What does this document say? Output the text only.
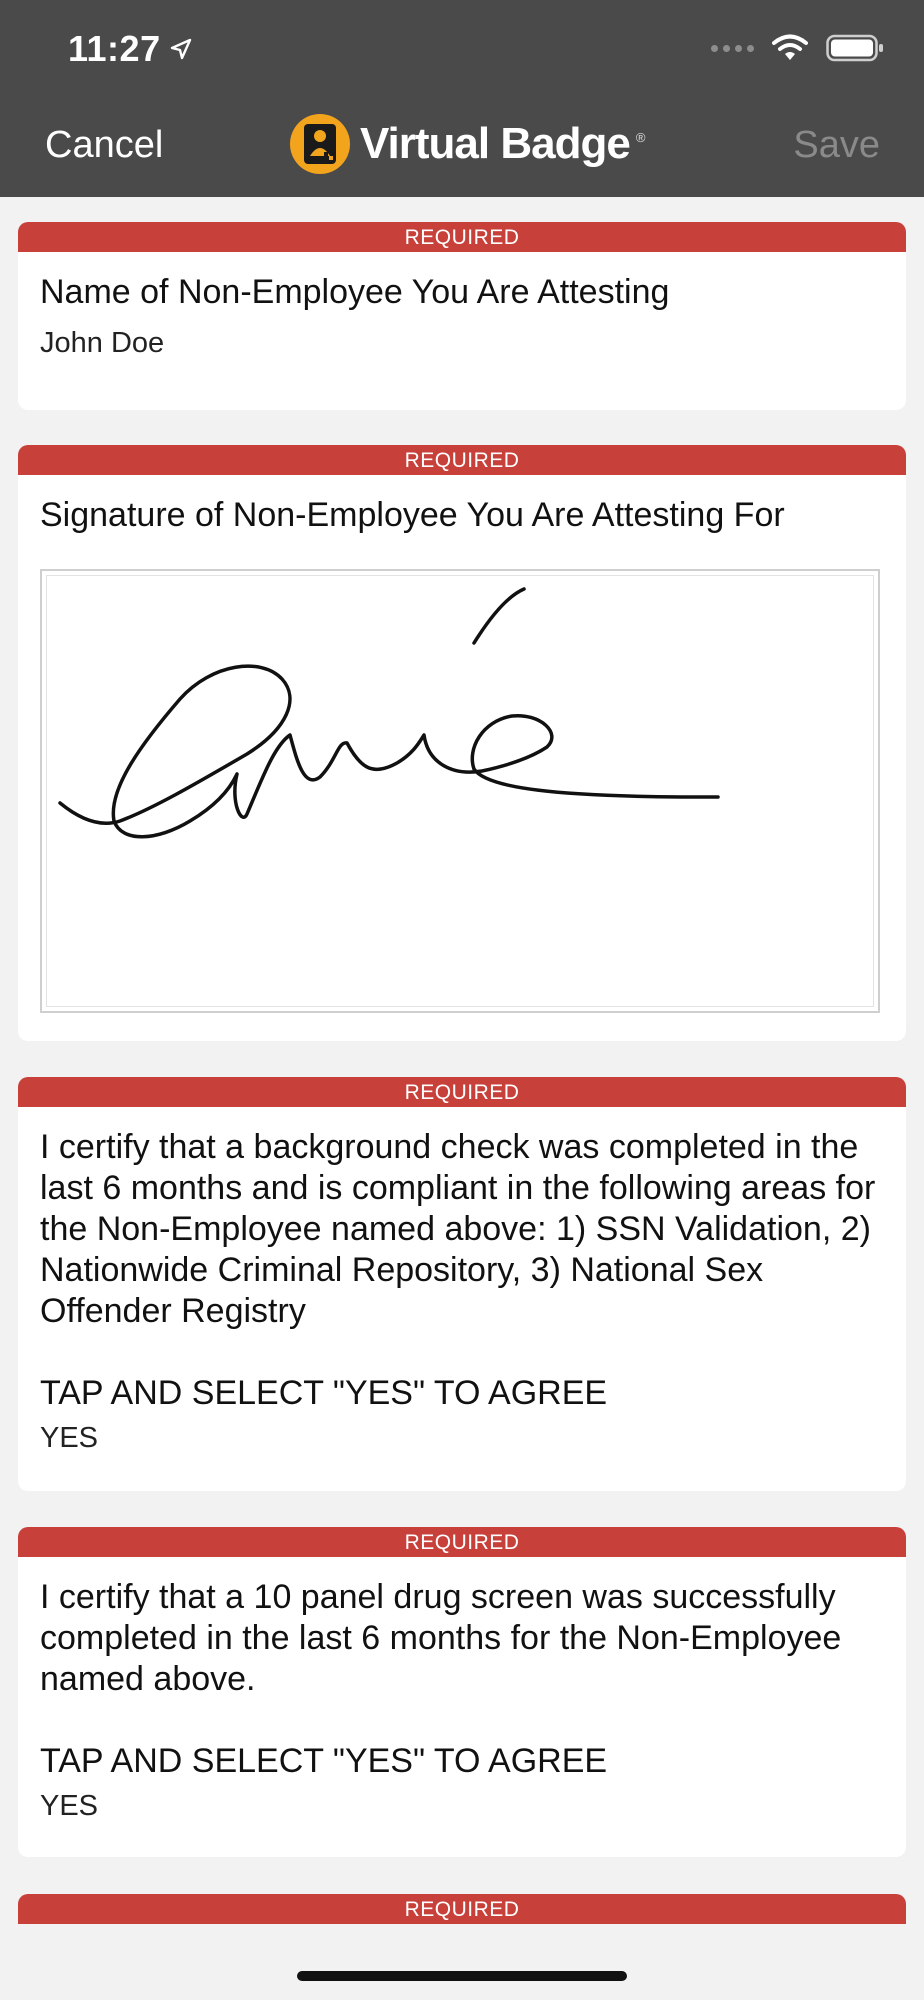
11:27
Cancel	Virtual Badge ®	Save
REQUIRED
Name of Non-Employee You Are Attesting
John Doe
REQUIRED
Signature of Non-Employee You Are Attesting For
REQUIRED
I certify that a background check was completed in the last 6 months and is compliant in the following areas for the Non-Employee named above: 1) SSN Validation, 2) Nationwide Criminal Repository, 3) National Sex Offender Registry
TAP AND SELECT "YES" TO AGREE
YES
REQUIRED
I certify that a 10 panel drug screen was successfully completed in the last 6 months for the Non-Employee named above.
TAP AND SELECT "YES" TO AGREE
YES
REQUIRED
